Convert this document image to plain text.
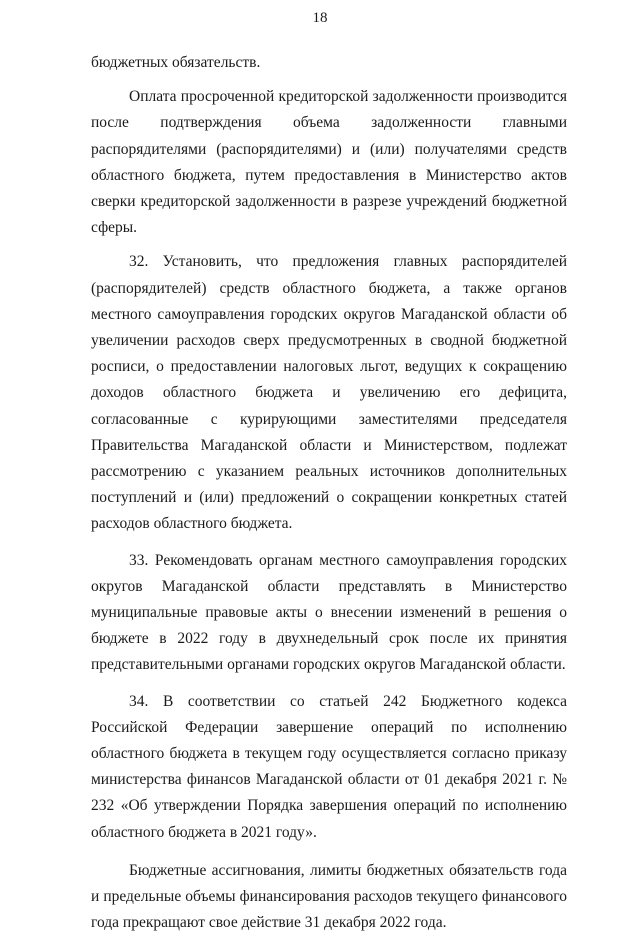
18

бюджетных обязательств.

Оплата просроченной кредиторской задолженности производится после подтверждения объема задолженности главными распорядителями (распорядителями) и (или) получателями средств областного бюджета, путем предоставления в Министерство актов сверки кредиторской задолженности в разрезе учреждений бюджетной сферы.

32. Установить, что предложения главных распорядителей (распорядителей) средств областного бюджета, а также органов местного самоуправления городских округов Магаданской области об увеличении расходов сверх предусмотренных в сводной бюджетной росписи, о предоставлении налоговых льгот, ведущих к сокращению доходов областного бюджета и увеличению его дефицита, согласованные с курирующими заместителями председателя Правительства Магаданской области и Министерством, подлежат рассмотрению с указанием реальных источников дополнительных поступлений и (или) предложений о сокращении конкретных статей расходов областного бюджета.

33. Рекомендовать органам местного самоуправления городских округов Магаданской области представлять в Министерство муниципальные правовые акты о внесении изменений в решения о бюджете в 2022 году в двухнедельный срок после их принятия представительными органами городских округов Магаданской области.

34. В соответствии со статьей 242 Бюджетного кодекса Российской Федерации завершение операций по исполнению областного бюджета в текущем году осуществляется согласно приказу министерства финансов Магаданской области от 01 декабря 2021 г. № 232 «Об утверждении Порядка завершения операций по исполнению областного бюджета в 2021 году».

Бюджетные ассигнования, лимиты бюджетных обязательств года и предельные объемы финансирования расходов текущего финансового года прекращают свое действие 31 декабря 2022 года.
